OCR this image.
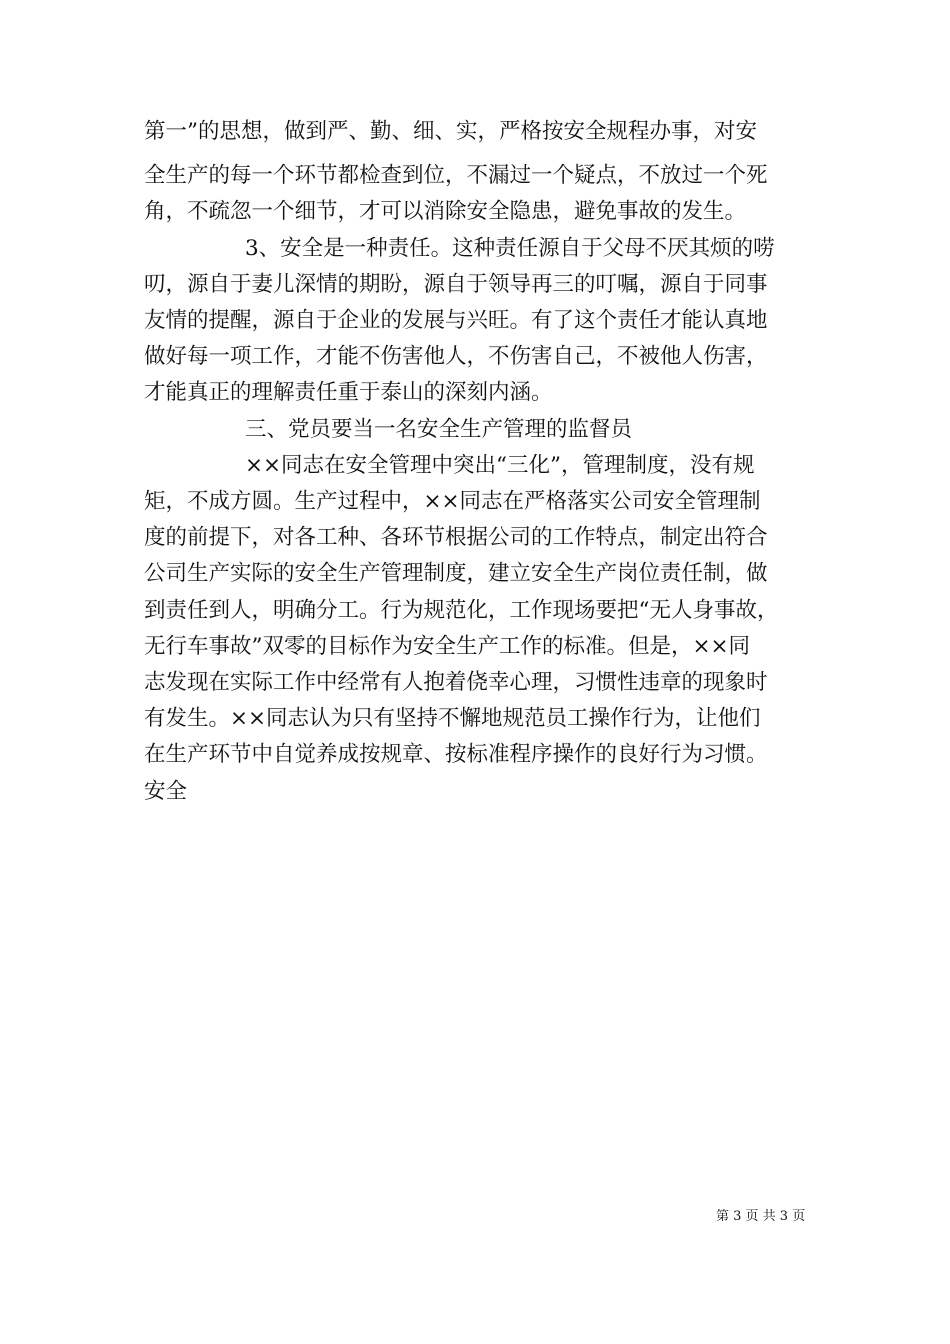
第一”的思想，做到严、勤、细、实，严格按安全规程办事，对安
全生产的每一个环节都检查到位，不漏过一个疑点，不放过一个死
角，不疏忽一个细节，才可以消除安全隐患，避免事故的发生。
3、安全是一种责任。这种责任源自于父母不厌其烦的唠
叨，源自于妻儿深情的期盼，源自于领导再三的叮嘱，源自于同事
友情的提醒，源自于企业的发展与兴旺。有了这个责任才能认真地
做好每一项工作，才能不伤害他人，不伤害自己，不被他人伤害，
才能真正的理解责任重于泰山的深刻内涵。
三、党员要当一名安全生产管理的监督员
××同志在安全管理中突出“三化”，管理制度，没有规
矩，不成方圆。生产过程中，××同志在严格落实公司安全管理制
度的前提下，对各工种、各环节根据公司的工作特点，制定出符合
公司生产实际的安全生产管理制度，建立安全生产岗位责任制，做
到责任到人，明确分工。行为规范化，工作现场要把“无人身事故，
无行车事故”双零的目标作为安全生产工作的标准。但是，××同
志发现在实际工作中经常有人抱着侥幸心理，习惯性违章的现象时
有发生。××同志认为只有坚持不懈地规范员工操作行为，让他们
在生产环节中自觉养成按规章、按标准程序操作的良好行为习惯。
安全
第 3 页 共 3 页
